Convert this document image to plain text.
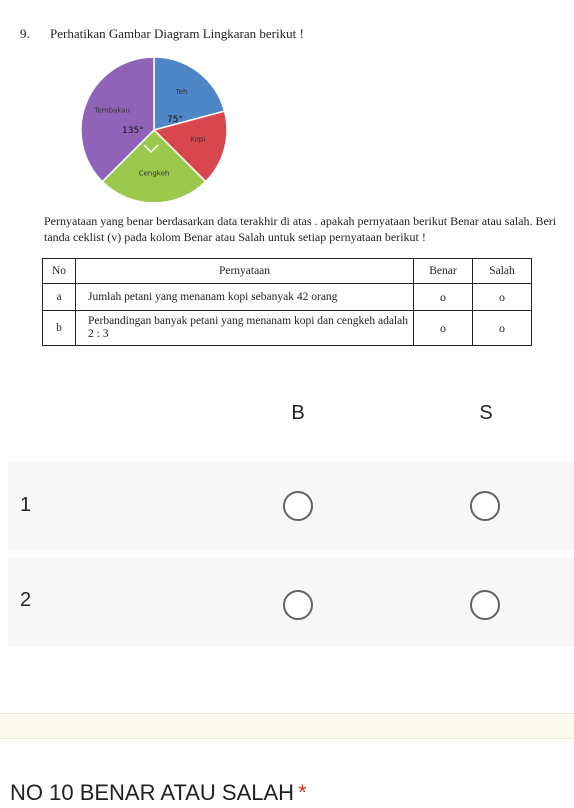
9. Perhatikan Gambar Diagram Lingkaran berikut !
Teh
Kopi
Cengkeh
Tembakau
75°
135°

Pernyataan yang benar berdasarkan data terakhir di atas . apakah pernyataan berikut Benar atau salah. Beri tanda ceklist (v) pada kolom Benar atau Salah untuk setiap pernyataan berikut !

No	Pernyataan	Benar	Salah
a	Jumlah petani yang menanam kopi sebanyak 42 orang	o	o
b	Perbandingan banyak petani yang menanam kopi dan cengkeh adalah 2 : 3	o	o
B	S
1
2
NO 10 BENAR ATAU SALAH *
